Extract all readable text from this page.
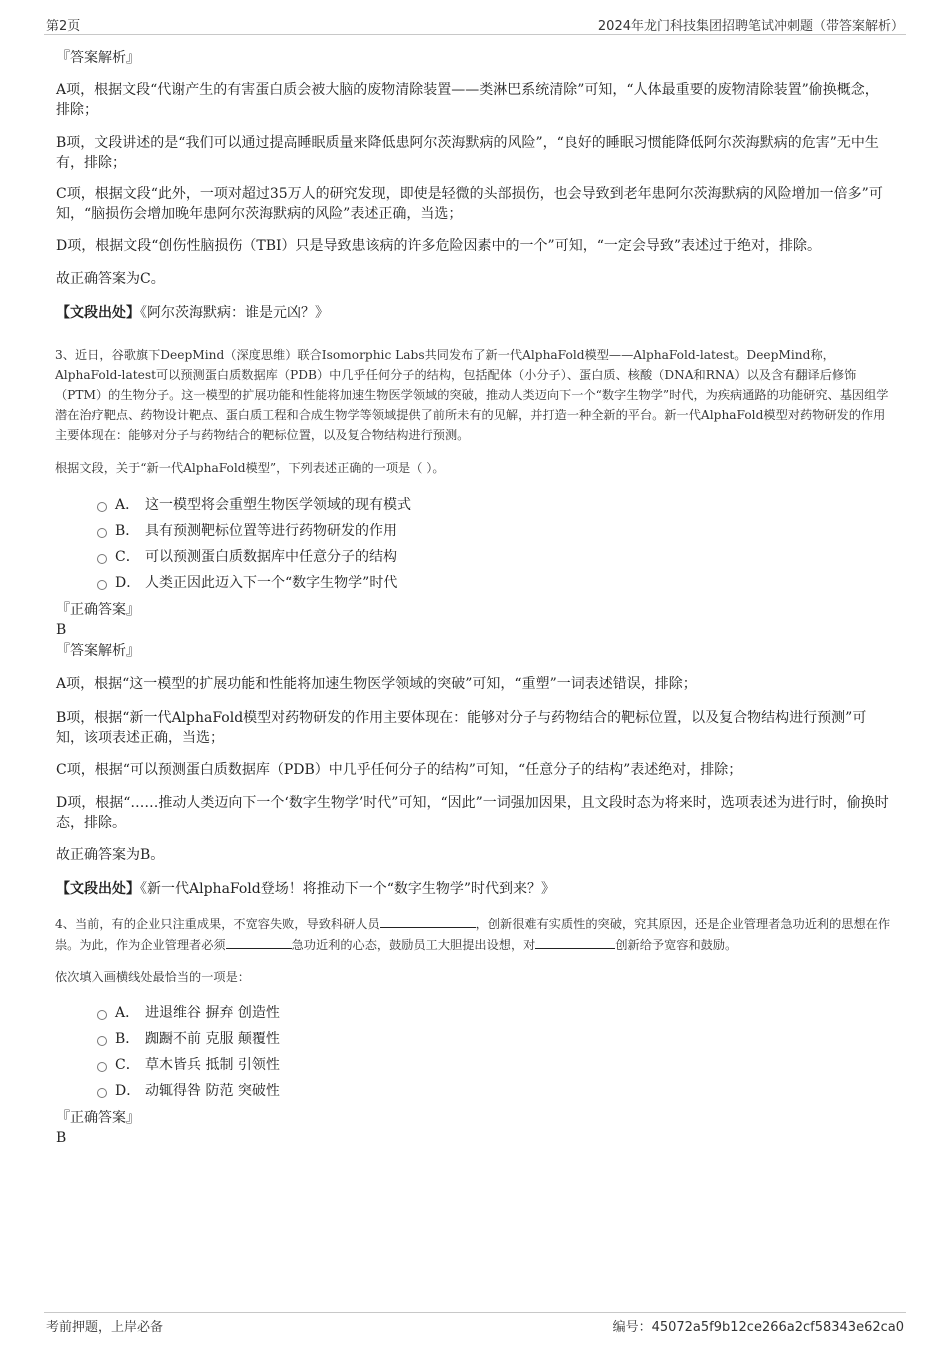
第2页	2024年龙门科技集团招聘笔试冲刺题（带答案解析）
『答案解析』
A项，根据文段“代谢产生的有害蛋白质会被大脑的废物清除装置——类淋巴系统清除”可知，“人体最重要的废物清除装置”偷换概念，排除；
B项，文段讲述的是“我们可以通过提高睡眠质量来降低患阿尔茨海默病的风险”，“良好的睡眠习惯能降低阿尔茨海默病的危害”无中生有，排除；
C项，根据文段“此外，一项对超过35万人的研究发现，即使是轻微的头部损伤，也会导致到老年患阿尔茨海默病的风险增加一倍多”可知，“脑损伤会增加晚年患阿尔茨海默病的风险”表述正确，当选；
D项，根据文段“创伤性脑损伤（TBI）只是导致患该病的许多危险因素中的一个”可知，“一定会导致”表述过于绝对，排除。
故正确答案为C。
【文段出处】《阿尔茨海默病：谁是元凶？》
3、近日，谷歌旗下DeepMind（深度思维）联合Isomorphic Labs共同发布了新一代AlphaFold模型——AlphaFold-latest。DeepMind称，AlphaFold-latest可以预测蛋白质数据库（PDB）中几乎任何分子的结构，包括配体（小分子）、蛋白质、核酸（DNA和RNA）以及含有翻译后修饰（PTM）的生物分子。这一模型的扩展功能和性能将加速生物医学领域的突破，推动人类迈向下一个“数字生物学”时代，为疾病通路的功能研究、基因组学潜在治疗靶点、药物设计靶点、蛋白质工程和合成生物学等领域提供了前所未有的见解，并打造一种全新的平台。新一代AlphaFold模型对药物研发的作用主要体现在：能够对分子与药物结合的靶标位置，以及复合物结构进行预测。
根据文段，关于“新一代AlphaFold模型”，下列表述正确的一项是（ ）。
A． 这一模型将会重塑生物医学领域的现有模式
B． 具有预测靶标位置等进行药物研发的作用
C． 可以预测蛋白质数据库中任意分子的结构
D． 人类正因此迈入下一个“数字生物学”时代
『正确答案』
B
『答案解析』
A项，根据“这一模型的扩展功能和性能将加速生物医学领域的突破”可知，“重塑”一词表述错误，排除；
B项，根据“新一代AlphaFold模型对药物研发的作用主要体现在：能够对分子与药物结合的靶标位置，以及复合物结构进行预测”可知，该项表述正确，当选；
C项，根据“可以预测蛋白质数据库（PDB）中几乎任何分子的结构”可知，“任意分子的结构”表述绝对，排除；
D项，根据“……推动人类迈向下一个‘数字生物学’时代”可知，“因此”一词强加因果，且文段时态为将来时，选项表述为进行时，偷换时态，排除。
故正确答案为B。
【文段出处】《新一代AlphaFold登场！将推动下一个“数字生物学”时代到来？》
4、当前，有的企业只注重成果，不宽容失败，导致科研人员	，创新很难有实质性的突破，究其原因，还是企业管理者急功近利的思想在作祟。为此，作为企业管理者必须	急功近利的心态，鼓励员工大胆提出设想，对	创新给予宽容和鼓励。
依次填入画横线处最恰当的一项是：
A． 进退维谷 摒弃 创造性
B． 踟蹰不前 克服 颠覆性
C． 草木皆兵 抵制 引领性
D． 动辄得咎 防范 突破性
『正确答案』
B
考前押题，上岸必备	编号：45072a5f9b12ce266a2cf58343e62ca0
